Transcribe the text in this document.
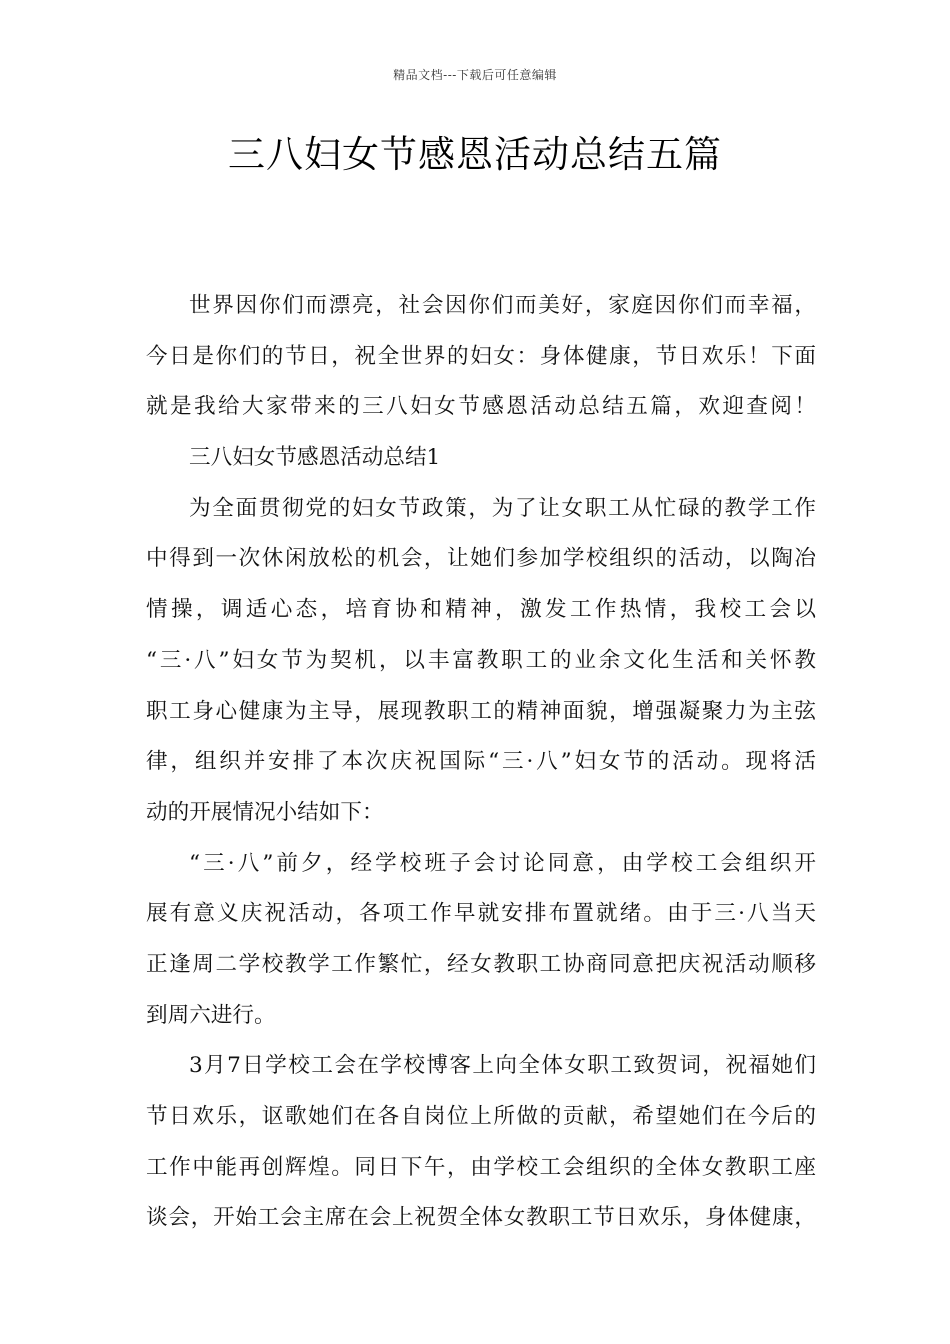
精品文档---下载后可任意编辑
三八妇女节感恩活动总结五篇
世界因你们而漂亮，社会因你们而美好，家庭因你们而幸福，
今日是你们的节日，祝全世界的妇女：身体健康，节日欢乐！下面
就是我给大家带来的三八妇女节感恩活动总结五篇，欢迎查阅！
三八妇女节感恩活动总结1
为全面贯彻党的妇女节政策，为了让女职工从忙碌的教学工作
中得到一次休闲放松的机会，让她们参加学校组织的活动，以陶冶
情操，调适心态，培育协和精神，激发工作热情，我校工会以
“三·八”妇女节为契机，以丰富教职工的业余文化生活和关怀教
职工身心健康为主导，展现教职工的精神面貌，增强凝聚力为主弦
律，组织并安排了本次庆祝国际“三·八”妇女节的活动。现将活
动的开展情况小结如下：
“三·八”前夕，经学校班子会讨论同意，由学校工会组织开
展有意义庆祝活动，各项工作早就安排布置就绪。由于三·八当天
正逢周二学校教学工作繁忙，经女教职工协商同意把庆祝活动顺移
到周六进行。
3月7日学校工会在学校博客上向全体女职工致贺词，祝福她们
节日欢乐，讴歌她们在各自岗位上所做的贡献，希望她们在今后的
工作中能再创辉煌。同日下午，由学校工会组织的全体女教职工座
谈会，开始工会主席在会上祝贺全体女教职工节日欢乐，身体健康，
